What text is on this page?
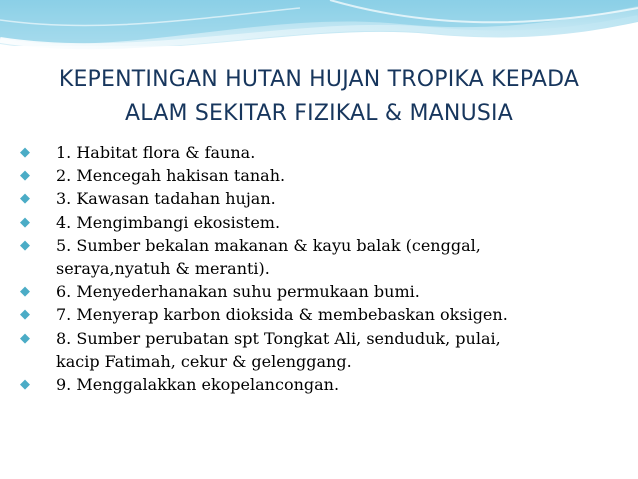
KEPENTINGAN HUTAN HUJAN TROPIKA KEPADA
ALAM SEKITAR FIZIKAL & MANUSIA
◆ 1. Habitat flora & fauna.
◆ 2. Mencegah hakisan tanah.
◆ 3. Kawasan tadahan hujan.
◆ 4. Mengimbangi ekosistem.
◆ 5. Sumber bekalan makanan & kayu balak (cenggal,
seraya,nyatuh & meranti).
◆ 6. Menyederhanakan suhu permukaan bumi.
◆ 7. Menyerap karbon dioksida & membebaskan oksigen.
◆ 8. Sumber perubatan spt Tongkat Ali, senduduk, pulai,
kacip Fatimah, cekur & gelenggang.
◆ 9. Menggalakkan ekopelancongan.
